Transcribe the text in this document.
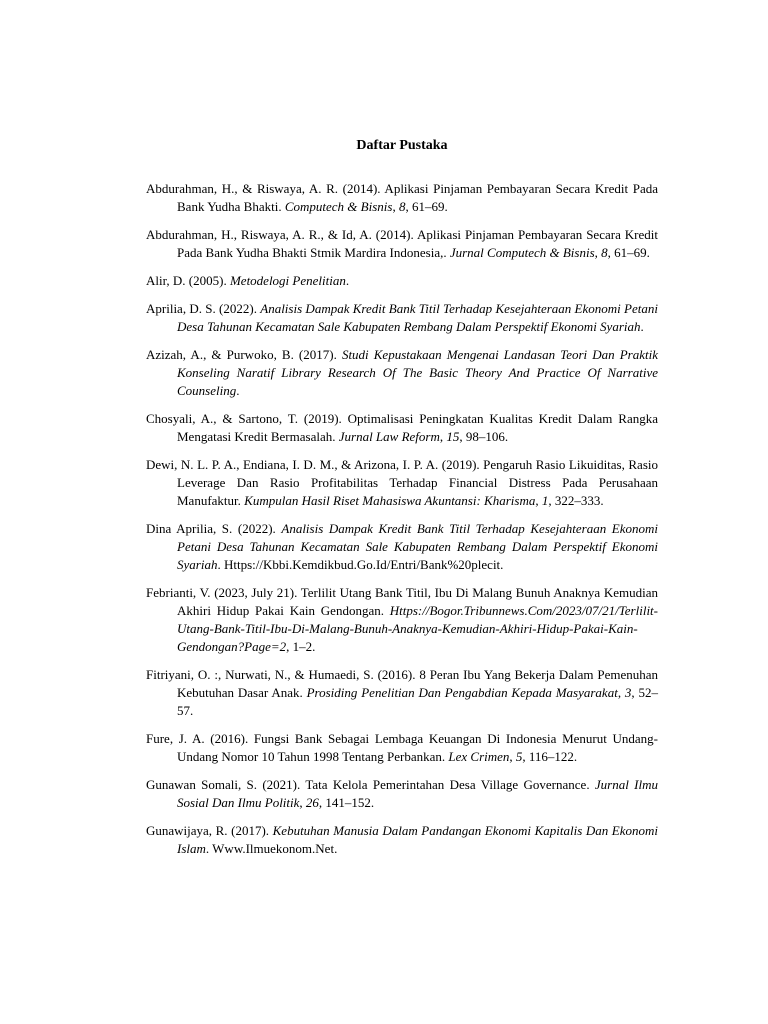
Daftar Pustaka

Abdurahman, H., & Riswaya, A. R. (2014). Aplikasi Pinjaman Pembayaran Secara Kredit Pada Bank Yudha Bhakti. Computech & Bisnis, 8, 61–69.

Abdurahman, H., Riswaya, A. R., & Id, A. (2014). Aplikasi Pinjaman Pembayaran Secara Kredit Pada Bank Yudha Bhakti Stmik Mardira Indonesia,. Jurnal Computech & Bisnis, 8, 61–69.

Alir, D. (2005). Metodelogi Penelitian.

Aprilia, D. S. (2022). Analisis Dampak Kredit Bank Titil Terhadap Kesejahteraan Ekonomi Petani Desa Tahunan Kecamatan Sale Kabupaten Rembang Dalam Perspektif Ekonomi Syariah.

Azizah, A., & Purwoko, B. (2017). Studi Kepustakaan Mengenai Landasan Teori Dan Praktik Konseling Naratif Library Research Of The Basic Theory And Practice Of Narrative Counseling.

Chosyali, A., & Sartono, T. (2019). Optimalisasi Peningkatan Kualitas Kredit Dalam Rangka Mengatasi Kredit Bermasalah. Jurnal Law Reform, 15, 98–106.

Dewi, N. L. P. A., Endiana, I. D. M., & Arizona, I. P. A. (2019). Pengaruh Rasio Likuiditas, Rasio Leverage Dan Rasio Profitabilitas Terhadap Financial Distress Pada Perusahaan Manufaktur. Kumpulan Hasil Riset Mahasiswa Akuntansi: Kharisma, 1, 322–333.

Dina Aprilia, S. (2022). Analisis Dampak Kredit Bank Titil Terhadap Kesejahteraan Ekonomi Petani Desa Tahunan Kecamatan Sale Kabupaten Rembang Dalam Perspektif Ekonomi Syariah. Https://Kbbi.Kemdikbud.Go.Id/Entri/Bank%20plecit.

Febrianti, V. (2023, July 21). Terlilit Utang Bank Titil, Ibu Di Malang Bunuh Anaknya Kemudian Akhiri Hidup Pakai Kain Gendongan. Https://Bogor.Tribunnews.Com/2023/07/21/Terlilit-Utang-Bank-Titil-Ibu-Di-Malang-Bunuh-Anaknya-Kemudian-Akhiri-Hidup-Pakai-Kain-Gendongan?Page=2, 1–2.

Fitriyani, O. :, Nurwati, N., & Humaedi, S. (2016). 8 Peran Ibu Yang Bekerja Dalam Pemenuhan Kebutuhan Dasar Anak. Prosiding Penelitian Dan Pengabdian Kepada Masyarakat, 3, 52–57.

Fure, J. A. (2016). Fungsi Bank Sebagai Lembaga Keuangan Di Indonesia Menurut Undang-Undang Nomor 10 Tahun 1998 Tentang Perbankan. Lex Crimen, 5, 116–122.

Gunawan Somali, S. (2021). Tata Kelola Pemerintahan Desa Village Governance. Jurnal Ilmu Sosial Dan Ilmu Politik, 26, 141–152.

Gunawijaya, R. (2017). Kebutuhan Manusia Dalam Pandangan Ekonomi Kapitalis Dan Ekonomi Islam. Www.Ilmuekonom.Net.
